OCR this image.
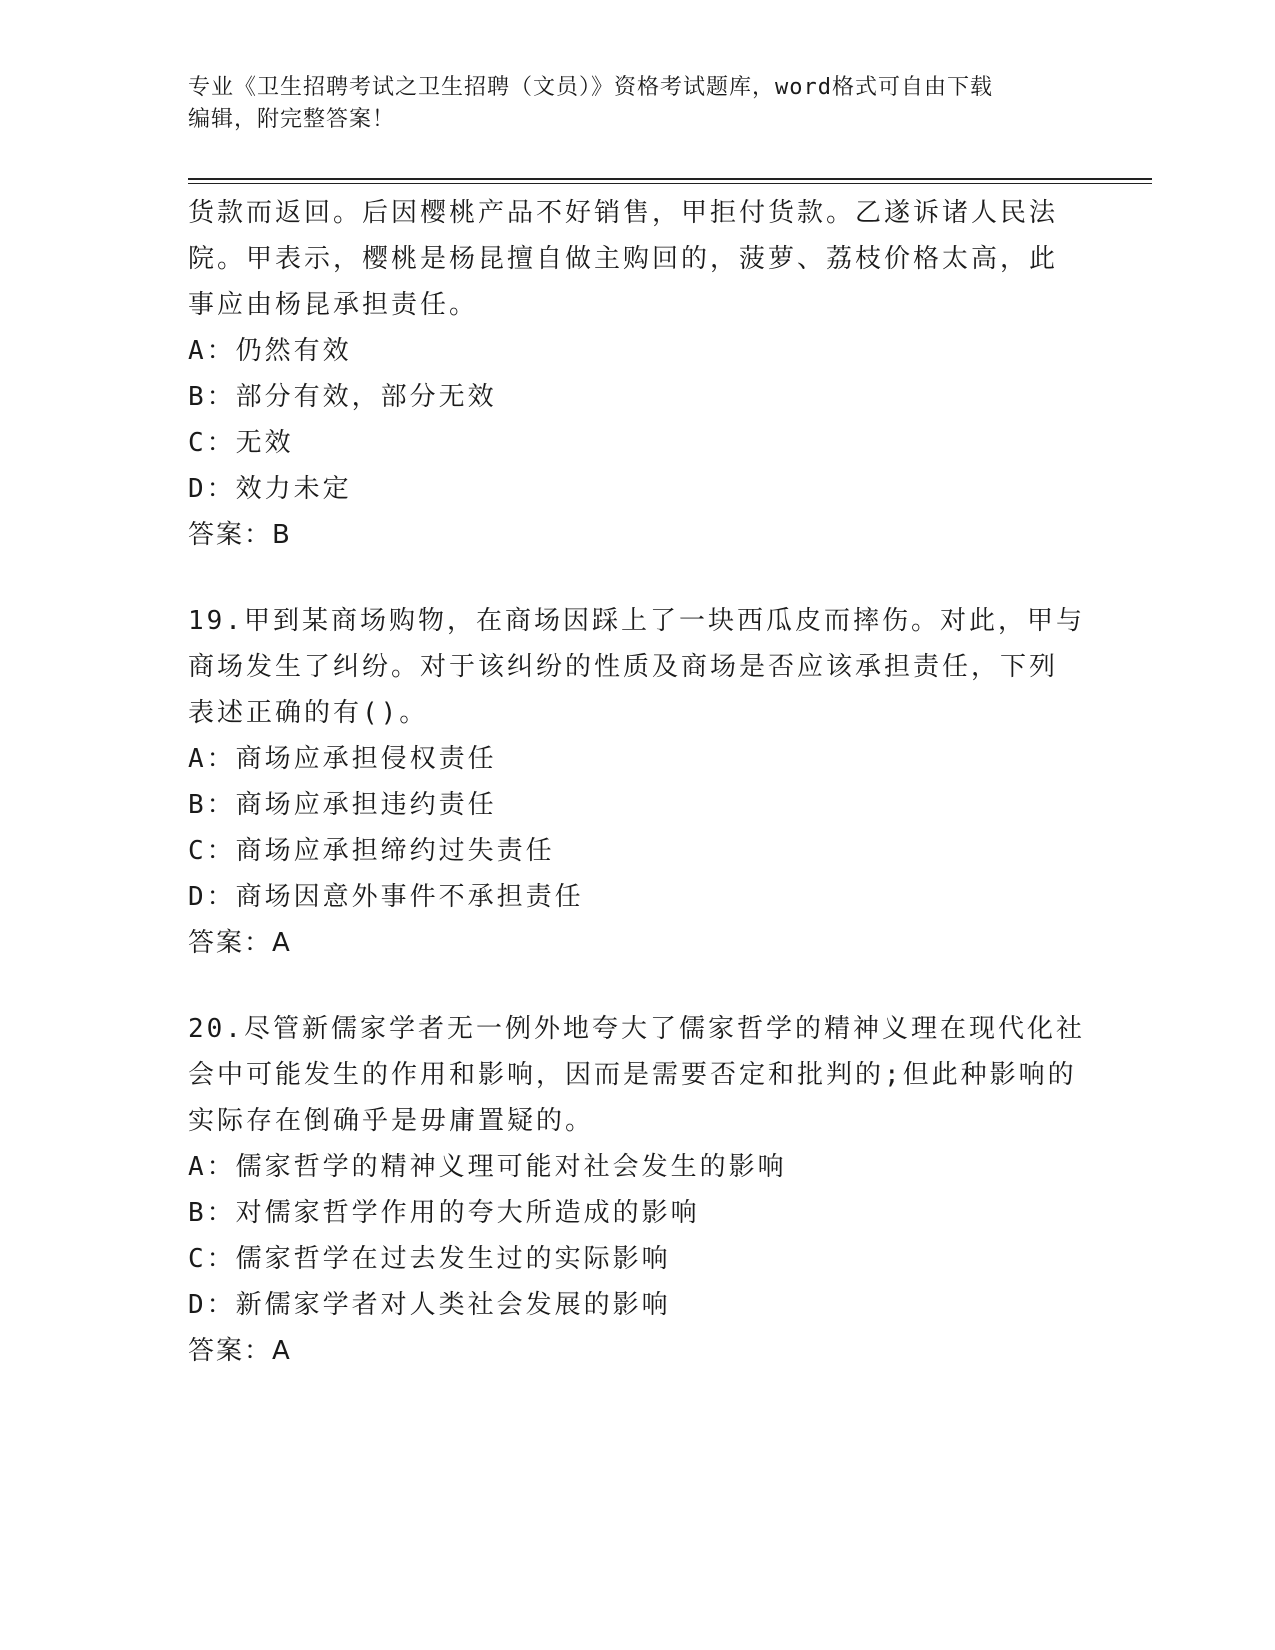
专业《卫生招聘考试之卫生招聘（文员）》资格考试题库，word格式可自由下载
编辑，附完整答案！
货款而返回。后因樱桃产品不好销售，甲拒付货款。乙遂诉诸人民法
院。甲表示，樱桃是杨昆擅自做主购回的，菠萝、荔枝价格太高，此
事应由杨昆承担责任。
A：仍然有效
B：部分有效，部分无效
C：无效
D：效力未定
答案：B
19.甲到某商场购物，在商场因踩上了一块西瓜皮而摔伤。对此，甲与
商场发生了纠纷。对于该纠纷的性质及商场是否应该承担责任，下列
表述正确的有()。
A：商场应承担侵权责任
B：商场应承担违约责任
C：商场应承担缔约过失责任
D：商场因意外事件不承担责任
答案：A
20.尽管新儒家学者无一例外地夸大了儒家哲学的精神义理在现代化社
会中可能发生的作用和影响，因而是需要否定和批判的;但此种影响的
实际存在倒确乎是毋庸置疑的。
A：儒家哲学的精神义理可能对社会发生的影响
B：对儒家哲学作用的夸大所造成的影响
C：儒家哲学在过去发生过的实际影响
D：新儒家学者对人类社会发展的影响
答案：A
